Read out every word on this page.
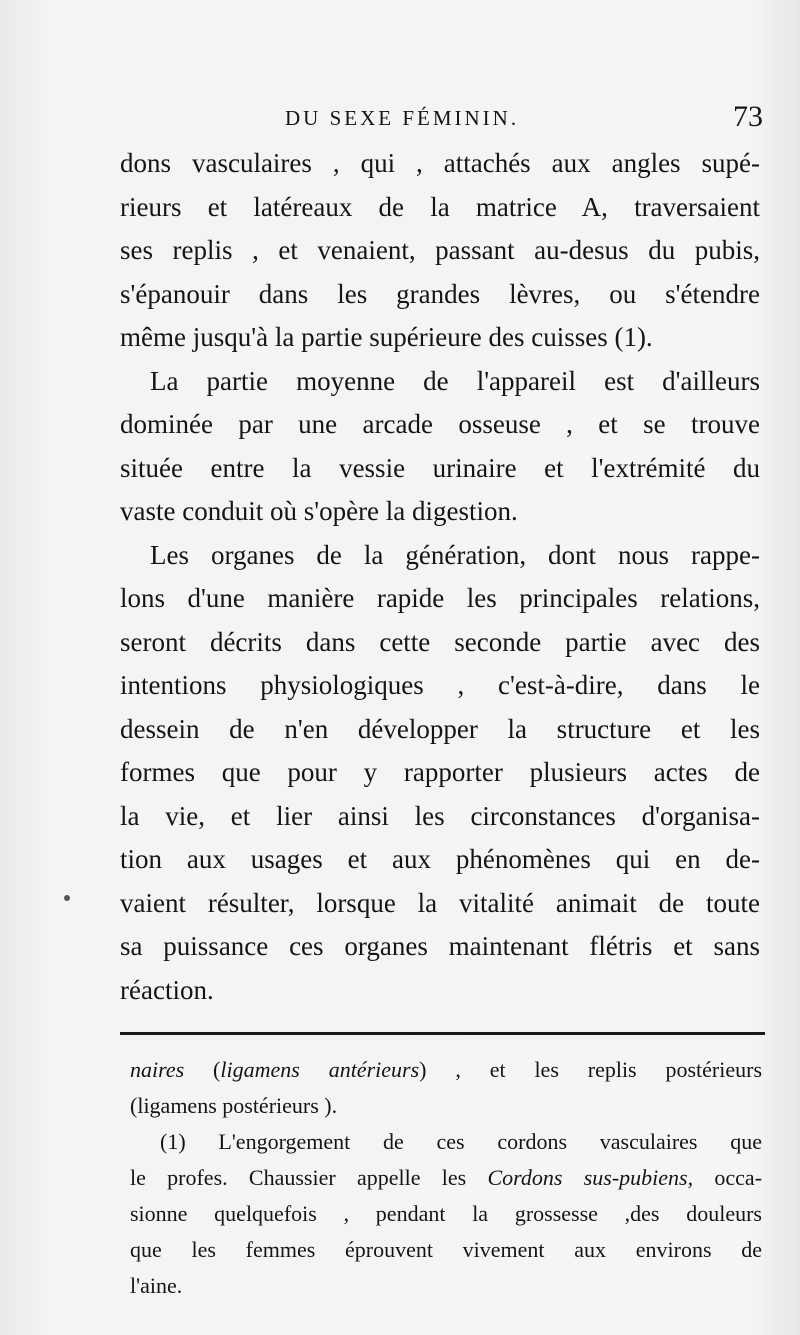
DU SEXE FÉMININ.	73
dons vasculaires , qui , attachés aux angles supé-
rieurs et latéreaux de la matrice A, traversaient
ses replis , et venaient, passant au-desus du pubis,
s'épanouir dans les grandes lèvres, ou s'étendre
même jusqu'à la partie supérieure des cuisses (1).
La partie moyenne de l'appareil est d'ailleurs
dominée par une arcade osseuse , et se trouve
située entre la vessie urinaire et l'extrémité du
vaste conduit où s'opère la digestion.
Les organes de la génération, dont nous rappe-
lons d'une manière rapide les principales relations,
seront décrits dans cette seconde partie avec des
intentions physiologiques , c'est-à-dire, dans le
dessein de n'en développer la structure et les
formes que pour y rapporter plusieurs actes de
la vie, et lier ainsi les circonstances d'organisa-
tion aux usages et aux phénomènes qui en de-
vaient résulter, lorsque la vitalité animait de toute
sa puissance ces organes maintenant flétris et sans
réaction.
naires (ligamens antérieurs) , et les replis postérieurs
(ligamens postérieurs ).
(1) L'engorgement de ces cordons vasculaires que
le profes. Chaussier appelle les Cordons sus-pubiens, occa-
sionne quelquefois , pendant la grossesse ,des douleurs
que les femmes éprouvent vivement aux environs de
l'aine.
